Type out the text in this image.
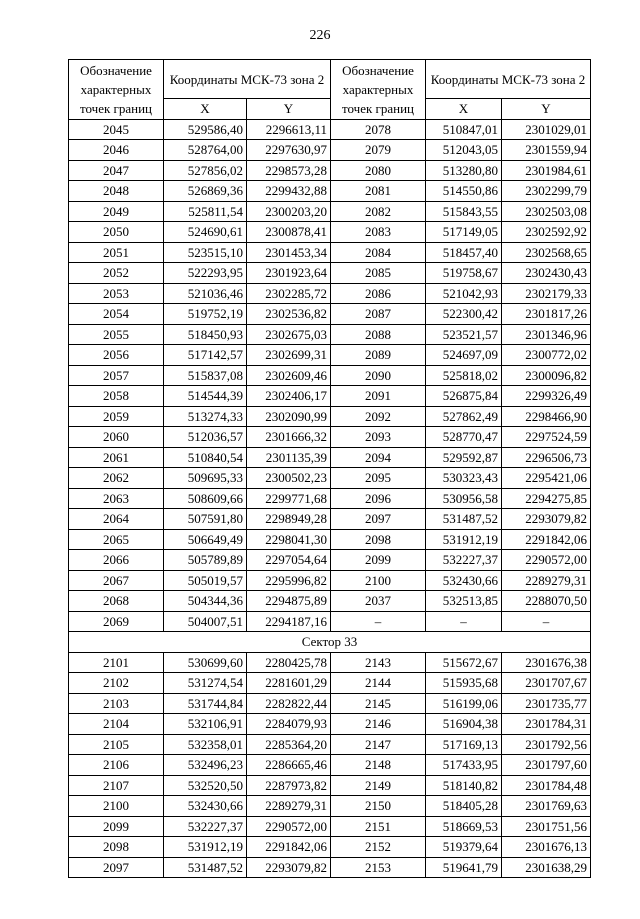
226
Обозначение характерных точек границ	Координаты МСК-73 зона 2		Обозначение характерных точек границ	Координаты МСК-73 зона 2	
	X	Y		X	Y
2045	529586,40	2296613,11	2078	510847,01	2301029,01
2046	528764,00	2297630,97	2079	512043,05	2301559,94
2047	527856,02	2298573,28	2080	513280,80	2301984,61
2048	526869,36	2299432,88	2081	514550,86	2302299,79
2049	525811,54	2300203,20	2082	515843,55	2302503,08
2050	524690,61	2300878,41	2083	517149,05	2302592,92
2051	523515,10	2301453,34	2084	518457,40	2302568,65
2052	522293,95	2301923,64	2085	519758,67	2302430,43
2053	521036,46	2302285,72	2086	521042,93	2302179,33
2054	519752,19	2302536,82	2087	522300,42	2301817,26
2055	518450,93	2302675,03	2088	523521,57	2301346,96
2056	517142,57	2302699,31	2089	524697,09	2300772,02
2057	515837,08	2302609,46	2090	525818,02	2300096,82
2058	514544,39	2302406,17	2091	526875,84	2299326,49
2059	513274,33	2302090,99	2092	527862,49	2298466,90
2060	512036,57	2301666,32	2093	528770,47	2297524,59
2061	510840,54	2301135,39	2094	529592,87	2296506,73
2062	509695,33	2300502,23	2095	530323,43	2295421,06
2063	508609,66	2299771,68	2096	530956,58	2294275,85
2064	507591,80	2298949,28	2097	531487,52	2293079,82
2065	506649,49	2298041,30	2098	531912,19	2291842,06
2066	505789,89	2297054,64	2099	532227,37	2290572,00
2067	505019,57	2295996,82	2100	532430,66	2289279,31
2068	504344,36	2294875,89	2037	532513,85	2288070,50
2069	504007,51	2294187,16	–	–	–
Сектор 33					
2101	530699,60	2280425,78	2143	515672,67	2301676,38
2102	531274,54	2281601,29	2144	515935,68	2301707,67
2103	531744,84	2282822,44	2145	516199,06	2301735,77
2104	532106,91	2284079,93	2146	516904,38	2301784,31
2105	532358,01	2285364,20	2147	517169,13	2301792,56
2106	532496,23	2286665,46	2148	517433,95	2301797,60
2107	532520,50	2287973,82	2149	518140,82	2301784,48
2100	532430,66	2289279,31	2150	518405,28	2301769,63
2099	532227,37	2290572,00	2151	518669,53	2301751,56
2098	531912,19	2291842,06	2152	519379,64	2301676,13
2097	531487,52	2293079,82	2153	519641,79	2301638,29
